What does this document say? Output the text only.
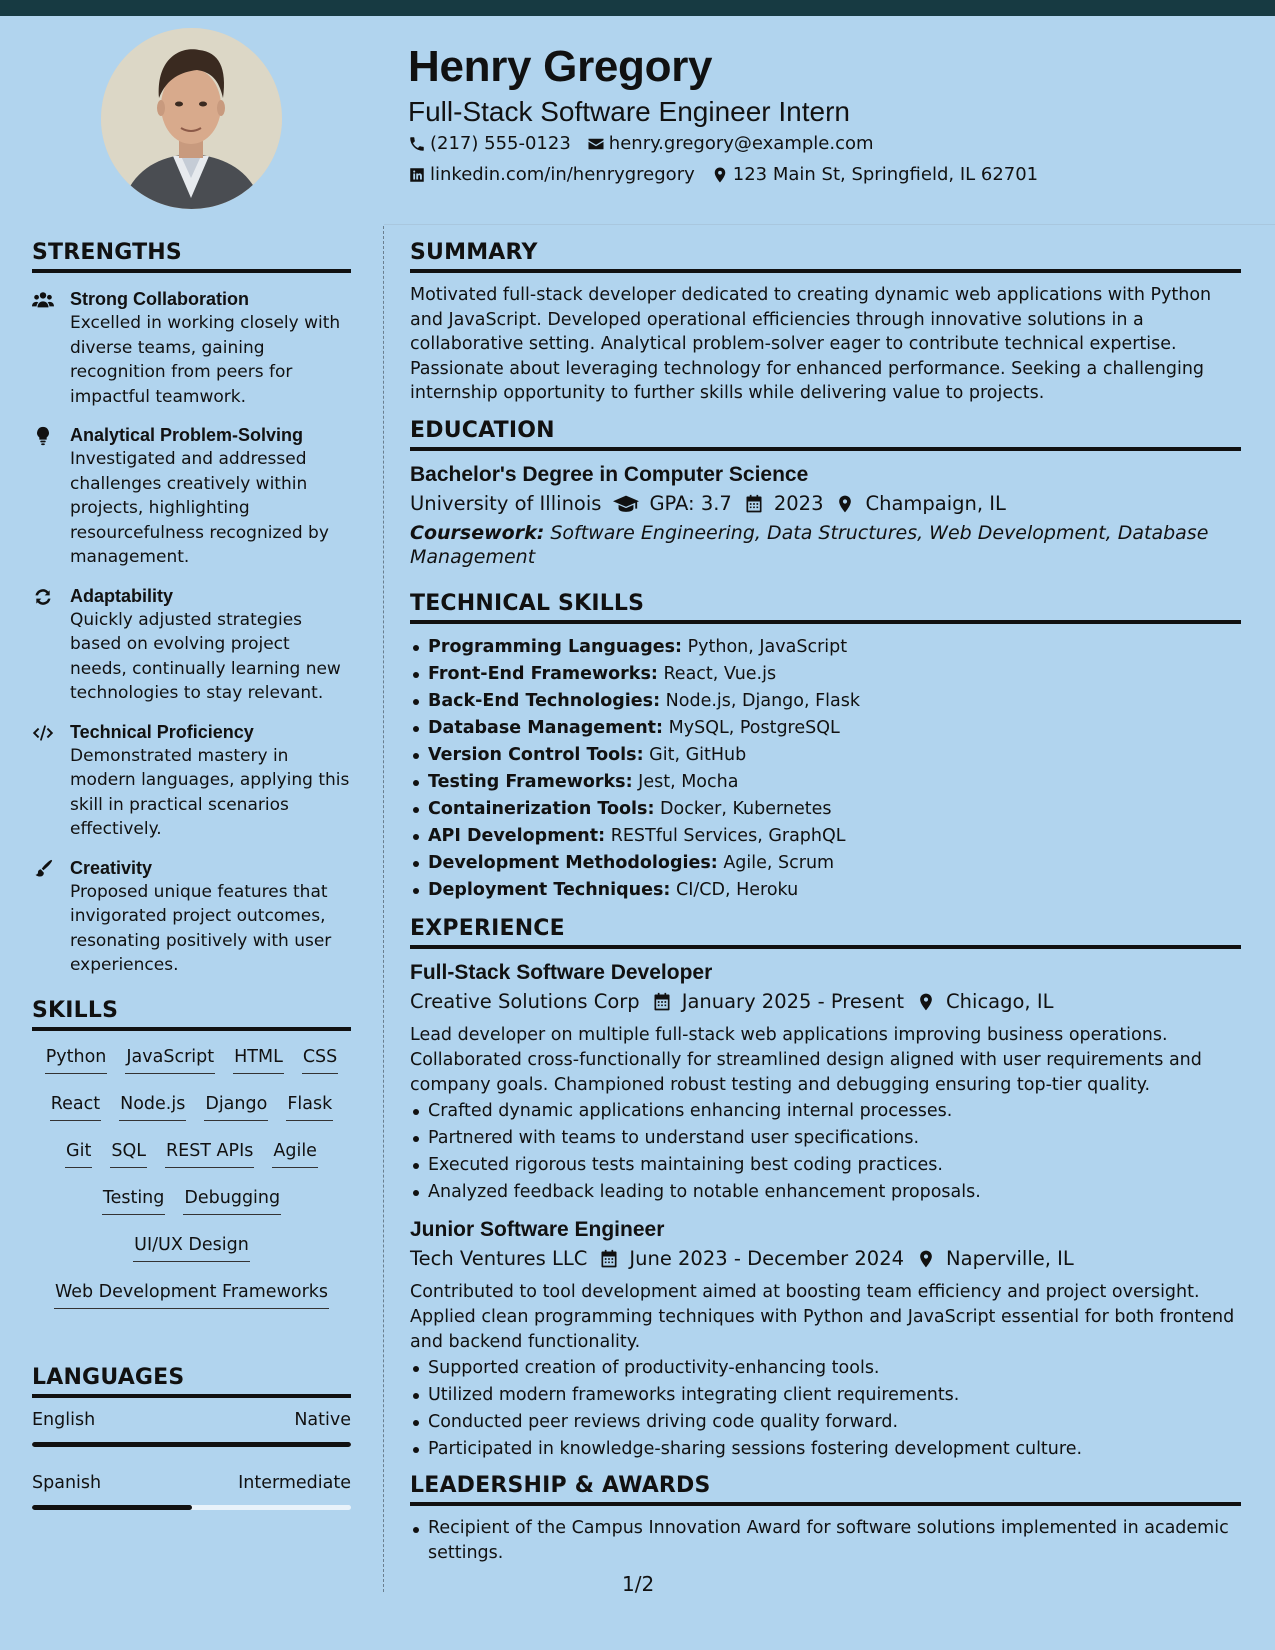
Henry Gregory
Full-Stack Software Engineer Intern
(217) 555-0123 henry.gregory@example.com
linkedin.com/in/henrygregory 123 Main St, Springfield, IL 62701
STRENGTHS
Strong Collaboration
Excelled in working closely with diverse teams, gaining recognition from peers for impactful teamwork.
Analytical Problem-Solving
Investigated and addressed challenges creatively within projects, highlighting resourcefulness recognized by management.
Adaptability
Quickly adjusted strategies based on evolving project needs, continually learning new technologies to stay relevant.
Technical Proficiency
Demonstrated mastery in modern languages, applying this skill in practical scenarios effectively.
Creativity
Proposed unique features that invigorated project outcomes, resonating positively with user experiences.
SKILLS
Python JavaScript HTML CSS
React Node.js Django Flask
Git SQL REST APIs Agile
Testing Debugging
UI/UX Design
Web Development Frameworks
LANGUAGES
English	Native
Spanish	Intermediate
SUMMARY
Motivated full-stack developer dedicated to creating dynamic web applications with Python and JavaScript. Developed operational efficiencies through innovative solutions in a collaborative setting. Analytical problem-solver eager to contribute technical expertise. Passionate about leveraging technology for enhanced performance. Seeking a challenging internship opportunity to further skills while delivering value to projects.
EDUCATION
Bachelor's Degree in Computer Science
University of Illinois GPA: 3.7 2023 Champaign, IL
Coursework: Software Engineering, Data Structures, Web Development, Database Management
TECHNICAL SKILLS
Programming Languages: Python, JavaScript
Front-End Frameworks: React, Vue.js
Back-End Technologies: Node.js, Django, Flask
Database Management: MySQL, PostgreSQL
Version Control Tools: Git, GitHub
Testing Frameworks: Jest, Mocha
Containerization Tools: Docker, Kubernetes
API Development: RESTful Services, GraphQL
Development Methodologies: Agile, Scrum
Deployment Techniques: CI/CD, Heroku
EXPERIENCE
Full-Stack Software Developer
Creative Solutions Corp January 2025 - Present Chicago, IL
Lead developer on multiple full-stack web applications improving business operations. Collaborated cross-functionally for streamlined design aligned with user requirements and company goals. Championed robust testing and debugging ensuring top-tier quality.
Crafted dynamic applications enhancing internal processes.
Partnered with teams to understand user specifications.
Executed rigorous tests maintaining best coding practices.
Analyzed feedback leading to notable enhancement proposals.
Junior Software Engineer
Tech Ventures LLC June 2023 - December 2024 Naperville, IL
Contributed to tool development aimed at boosting team efficiency and project oversight. Applied clean programming techniques with Python and JavaScript essential for both frontend and backend functionality.
Supported creation of productivity-enhancing tools.
Utilized modern frameworks integrating client requirements.
Conducted peer reviews driving code quality forward.
Participated in knowledge-sharing sessions fostering development culture.
LEADERSHIP & AWARDS
Recipient of the Campus Innovation Award for software solutions implemented in academic settings.
1/2
